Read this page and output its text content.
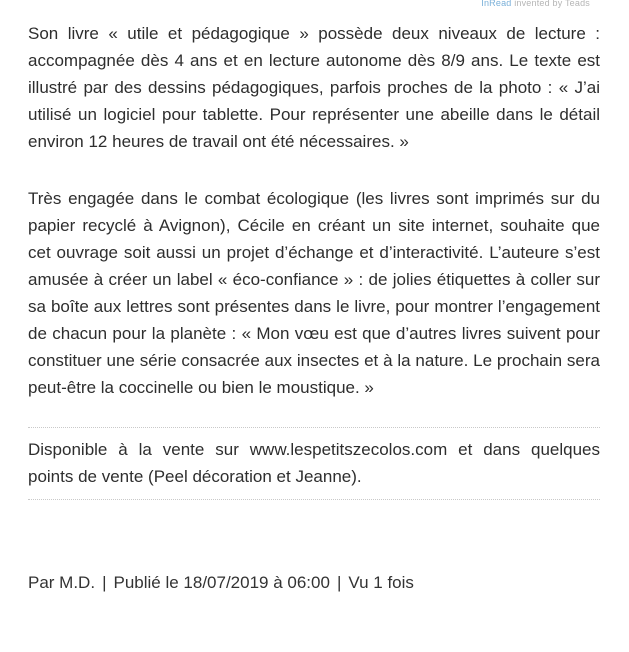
InRead invented by Teads

Son livre « utile et pédagogique » possède deux niveaux de lecture : accompagnée dès 4 ans et en lecture autonome dès 8/9 ans. Le texte est illustré par des dessins pédagogiques, parfois proches de la photo : « J’ai utilisé un logiciel pour tablette. Pour représenter une abeille dans le détail environ 12 heures de travail ont été nécessaires. »

Très engagée dans le combat écologique (les livres sont imprimés sur du papier recyclé à Avignon), Cécile en créant un site internet, souhaite que cet ouvrage soit aussi un projet d’échange et d’interactivité. L’auteure s’est amusée à créer un label « éco-confiance » : de jolies étiquettes à coller sur sa boîte aux lettres sont présentes dans le livre, pour montrer l’engagement de chacun pour la planète : « Mon vœu est que d’autres livres suivent pour constituer une série consacrée aux insectes et à la nature. Le prochain sera peut-être la coccinelle ou bien le moustique. »

Disponible à la vente sur www.lespetitszecolos.com et dans quelques points de vente (Peel décoration et Jeanne).

Par M.D. | Publié le 18/07/2019 à 06:00 | Vu 1 fois
